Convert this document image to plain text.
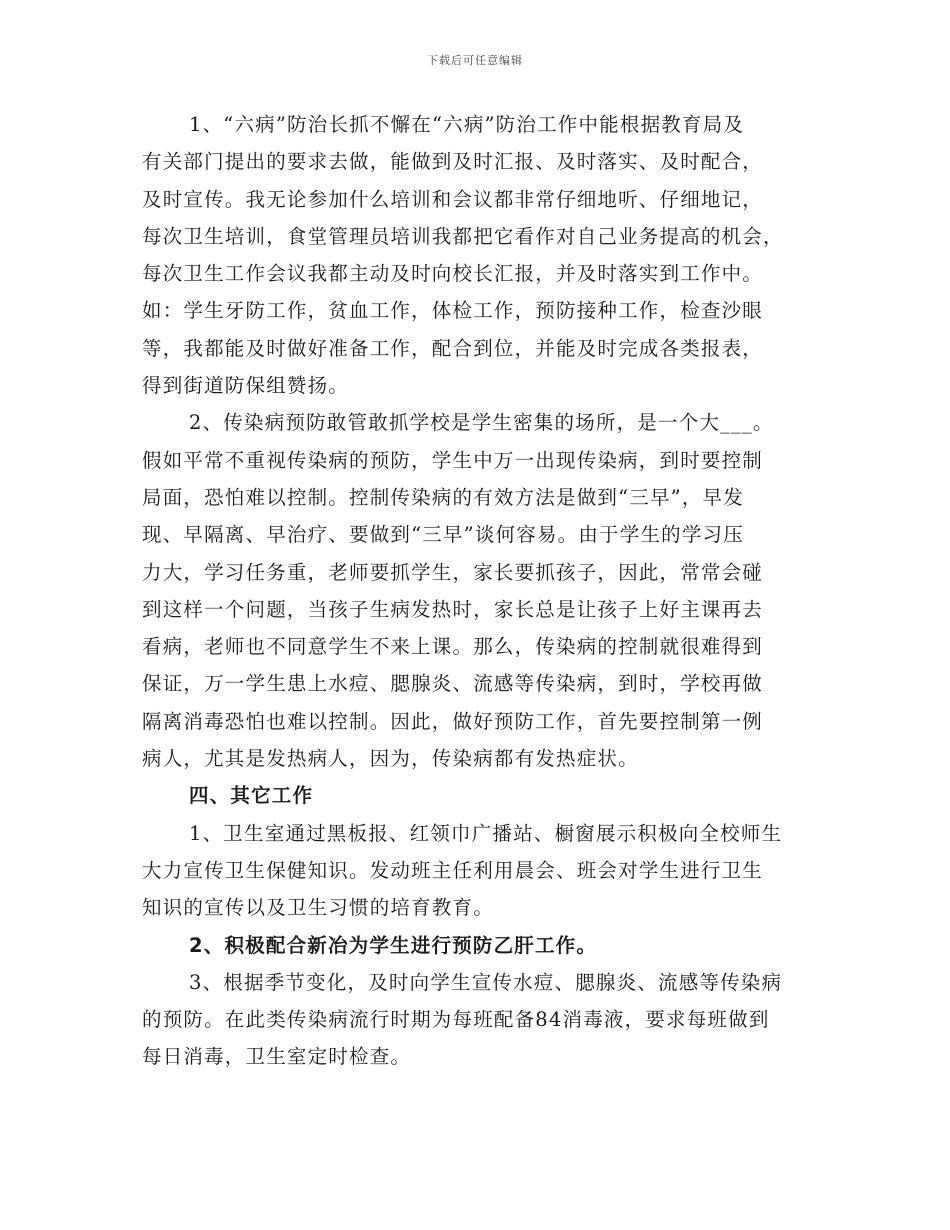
下载后可任意编辑
1、“六病”防治长抓不懈在“六病”防治工作中能根据教育局及
有关部门提出的要求去做，能做到及时汇报、及时落实、及时配合，
及时宣传。我无论参加什么培训和会议都非常仔细地听、仔细地记，
每次卫生培训，食堂管理员培训我都把它看作对自己业务提高的机会，
每次卫生工作会议我都主动及时向校长汇报，并及时落实到工作中。
如：学生牙防工作，贫血工作，体检工作，预防接种工作，检查沙眼
等，我都能及时做好准备工作，配合到位，并能及时完成各类报表，
得到街道防保组赞扬。
2、传染病预防敢管敢抓学校是学生密集的场所，是一个大___。
假如平常不重视传染病的预防，学生中万一出现传染病，到时要控制
局面，恐怕难以控制。控制传染病的有效方法是做到“三早”，早发
现、早隔离、早治疗、要做到“三早”谈何容易。由于学生的学习压
力大，学习任务重，老师要抓学生，家长要抓孩子，因此，常常会碰
到这样一个问题，当孩子生病发热时，家长总是让孩子上好主课再去
看病，老师也不同意学生不来上课。那么，传染病的控制就很难得到
保证，万一学生患上水痘、腮腺炎、流感等传染病，到时，学校再做
隔离消毒恐怕也难以控制。因此，做好预防工作，首先要控制第一例
病人，尤其是发热病人，因为，传染病都有发热症状。
四、其它工作
1、卫生室通过黑板报、红领巾广播站、橱窗展示积极向全校师生
大力宣传卫生保健知识。发动班主任利用晨会、班会对学生进行卫生
知识的宣传以及卫生习惯的培育教育。
2、积极配合新冶为学生进行预防乙肝工作。
3、根据季节变化，及时向学生宣传水痘、腮腺炎、流感等传染病
的预防。在此类传染病流行时期为每班配备84消毒液，要求每班做到
每日消毒，卫生室定时检查。
